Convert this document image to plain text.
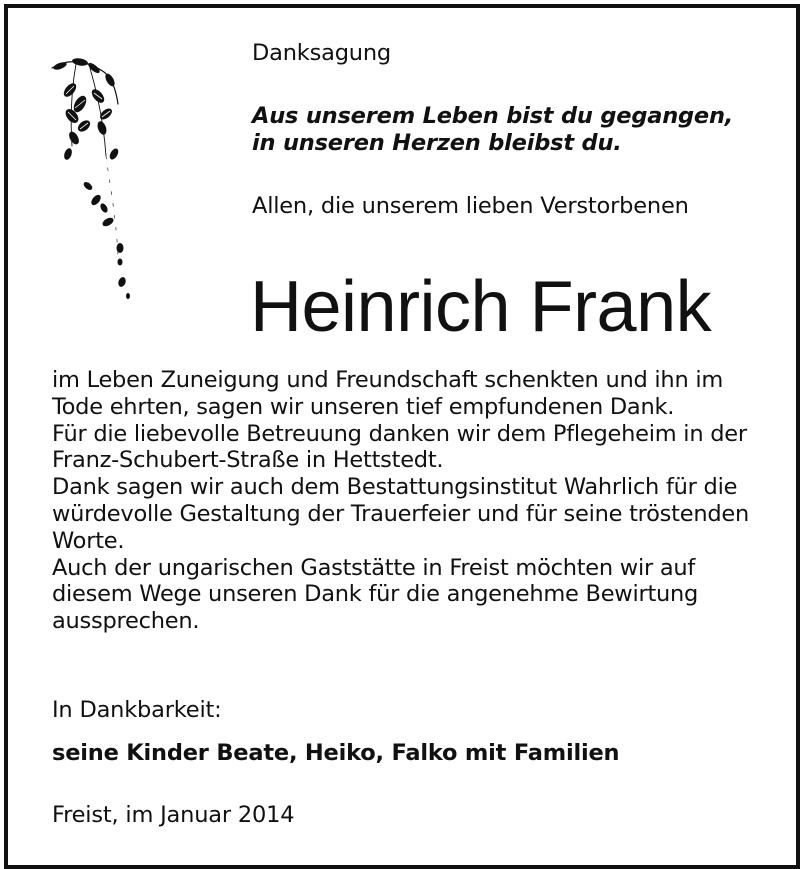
Danksagung
Aus unserem Leben bist du gegangen,
in unseren Herzen bleibst du.
Allen, die unserem lieben Verstorbenen
Heinrich Frank
im Leben Zuneigung und Freundschaft schenkten und ihn im
Tode ehrten, sagen wir unseren tief empfundenen Dank.
Für die liebevolle Betreuung danken wir dem Pflegeheim in der
Franz-Schubert-Straße in Hettstedt.
Dank sagen wir auch dem Bestattungsinstitut Wahrlich für die
würdevolle Gestaltung der Trauerfeier und für seine tröstenden
Worte.
Auch der ungarischen Gaststätte in Freist möchten wir auf
diesem Wege unseren Dank für die angenehme Bewirtung
aussprechen.
In Dankbarkeit:
seine Kinder Beate, Heiko, Falko mit Familien
Freist, im Januar 2014
